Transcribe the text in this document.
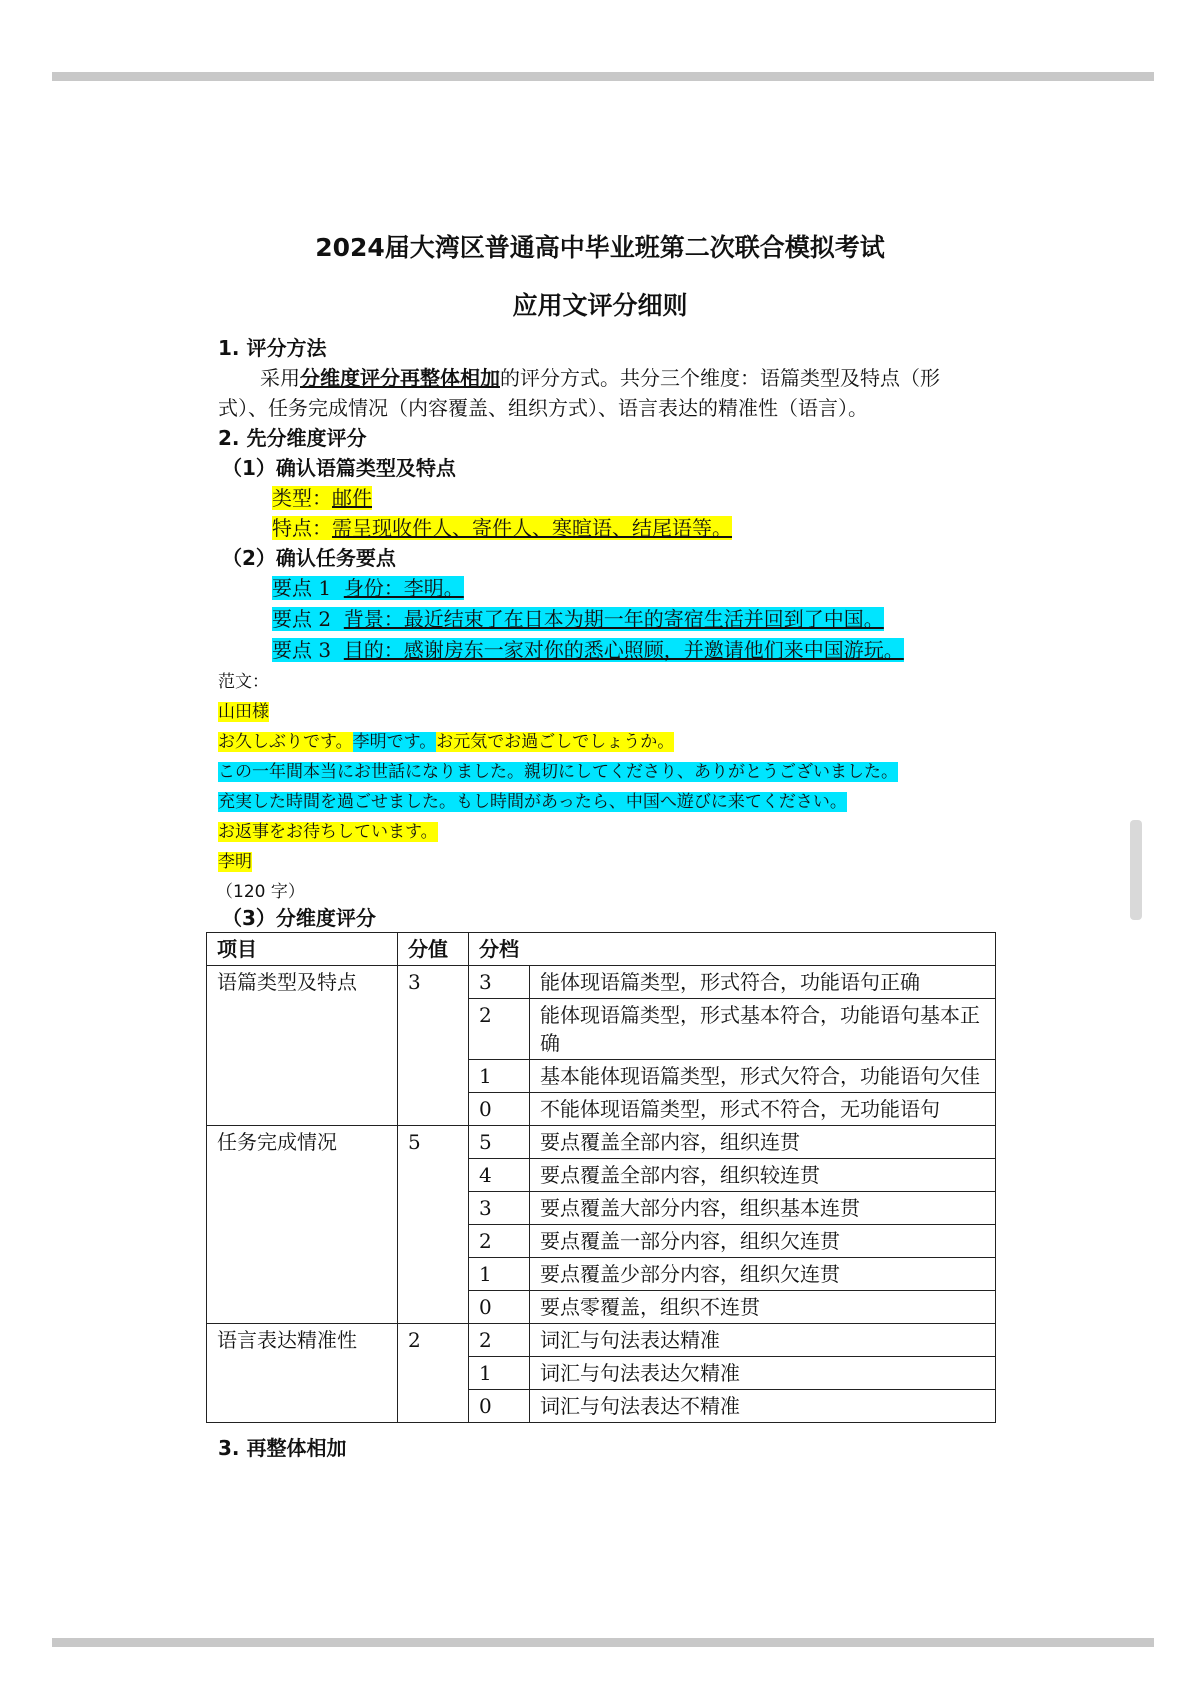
2024届大湾区普通高中毕业班第二次联合模拟考试
应用文评分细则
1. 评分方法
采用分维度评分再整体相加的评分方式。共分三个维度：语篇类型及特点（形
式）、任务完成情况（内容覆盖、组织方式）、语言表达的精准性（语言）。
2. 先分维度评分
（1）确认语篇类型及特点
类型：邮件
特点：需呈现收件人、寄件人、寒暄语、结尾语等。
（2）确认任务要点
要点 1 身份：李明。
要点 2 背景：最近结束了在日本为期一年的寄宿生活并回到了中国。
要点 3 目的：感谢房东一家对你的悉心照顾，并邀请他们来中国游玩。
范文：
山田様
お久しぶりです。李明です。お元気でお過ごしでしょうか。
この一年間本当にお世話になりました。親切にしてくださり、ありがとうございました。
充実した時間を過ごせました。もし時間があったら、中国へ遊びに来てください。
お返事をお待ちしています。
李明
（120 字）
（3）分维度评分
项目	分值	分档	
语篇类型及特点	3	3	能体现语篇类型，形式符合，功能语句正确
		2	能体现语篇类型，形式基本符合，功能语句基本正确
		1	基本能体现语篇类型，形式欠符合，功能语句欠佳
		0	不能体现语篇类型，形式不符合，无功能语句
任务完成情况	5	5	要点覆盖全部内容，组织连贯
		4	要点覆盖全部内容，组织较连贯
		3	要点覆盖大部分内容，组织基本连贯
		2	要点覆盖一部分内容，组织欠连贯
		1	要点覆盖少部分内容，组织欠连贯
		0	要点零覆盖，组织不连贯
语言表达精准性	2	2	词汇与句法表达精准
		1	词汇与句法表达欠精准
		0	词汇与句法表达不精准
3. 再整体相加
